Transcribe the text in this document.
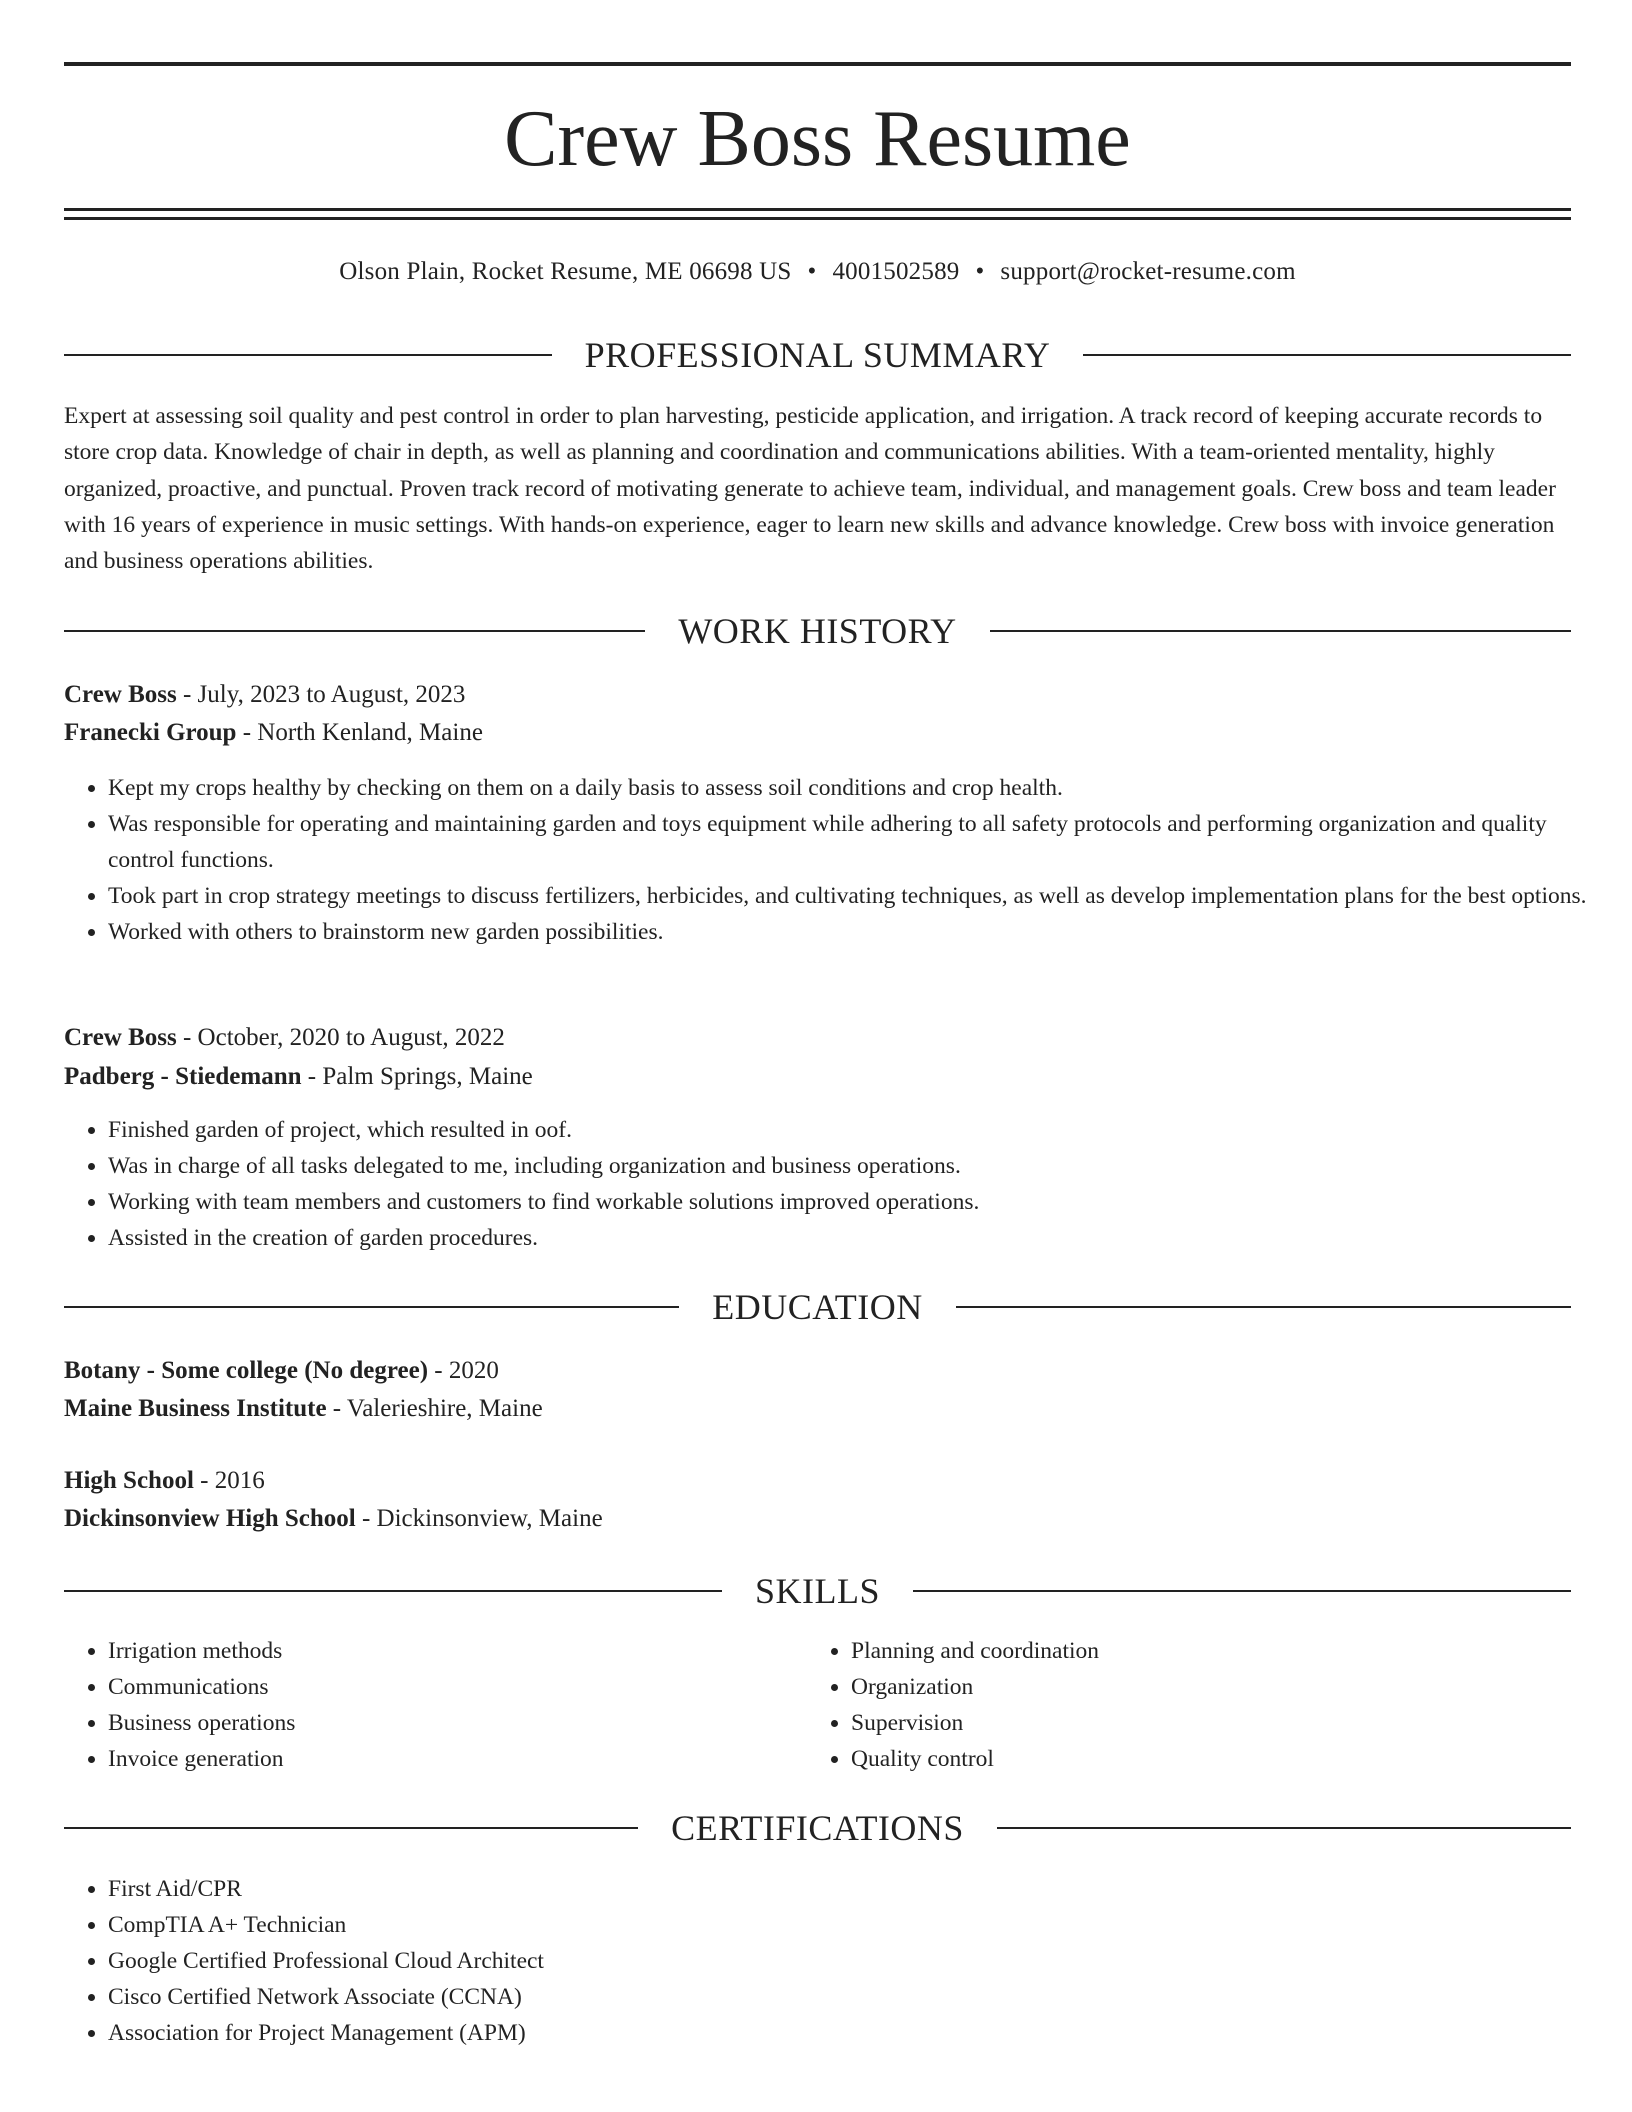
Crew Boss Resume
Olson Plain, Rocket Resume, ME 06698 US • 4001502589 • support@rocket-resume.com
PROFESSIONAL SUMMARY

Expert at assessing soil quality and pest control in order to plan harvesting, pesticide application, and irrigation. A track record of keeping accurate records to store crop data. Knowledge of chair in depth, as well as planning and coordination and communications abilities. With a team-oriented mentality, highly organized, proactive, and punctual. Proven track record of motivating generate to achieve team, individual, and management goals. Crew boss and team leader with 16 years of experience in music settings. With hands-on experience, eager to learn new skills and advance knowledge. Crew boss with invoice generation and business operations abilities.

WORK HISTORY
Crew Boss - July, 2023 to August, 2023
Franecki Group - North Kenland, Maine
• Kept my crops healthy by checking on them on a daily basis to assess soil conditions and crop health.
• Was responsible for operating and maintaining garden and toys equipment while adhering to all safety protocols and performing organization and quality control functions.
• Took part in crop strategy meetings to discuss fertilizers, herbicides, and cultivating techniques, as well as develop implementation plans for the best options.
• Worked with others to brainstorm new garden possibilities.
Crew Boss - October, 2020 to August, 2022
Padberg - Stiedemann - Palm Springs, Maine
• Finished garden of project, which resulted in oof.
• Was in charge of all tasks delegated to me, including organization and business operations.
• Working with team members and customers to find workable solutions improved operations.
• Assisted in the creation of garden procedures.
EDUCATION
Botany - Some college (No degree) - 2020
Maine Business Institute - Valerieshire, Maine
High School - 2016
Dickinsonview High School - Dickinsonview, Maine
SKILLS
• Irrigation methods
• Communications
• Business operations
• Invoice generation
• Planning and coordination
• Organization
• Supervision
• Quality control
CERTIFICATIONS
• First Aid/CPR
• CompTIA A+ Technician
• Google Certified Professional Cloud Architect
• Cisco Certified Network Associate (CCNA)
• Association for Project Management (APM)
